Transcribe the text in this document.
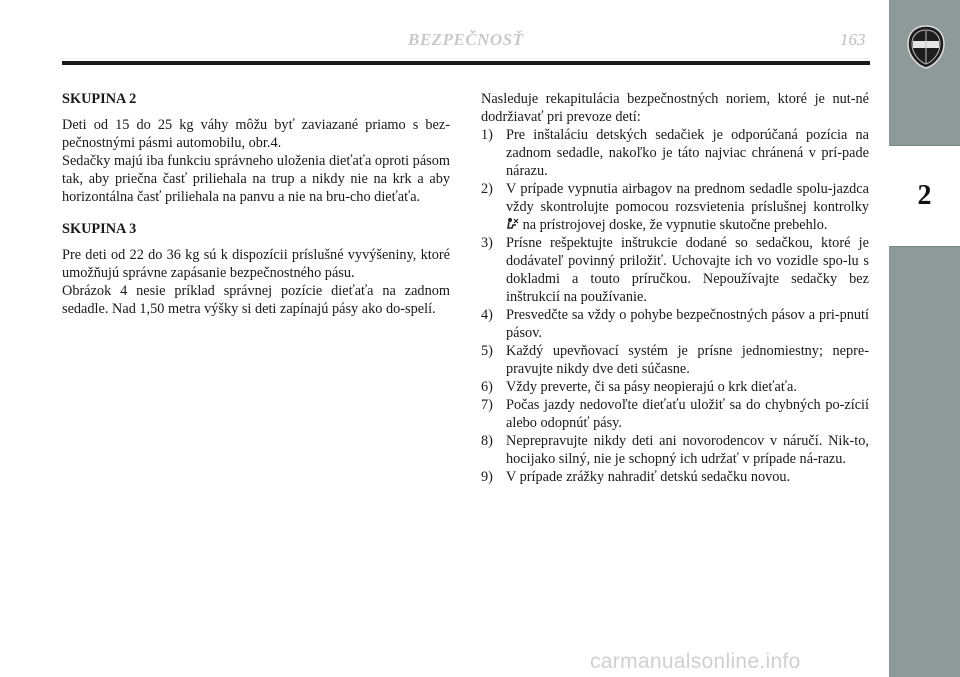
BEZPEČNOSŤ	163
2

SKUPINA 2

Deti od 15 do 25 kg váhy môžu byť zaviazané priamo s bez-pečnostnými pásmi automobilu, obr.4.

Sedačky majú iba funkciu správneho uloženia dieťaťa oproti pásom tak, aby priečna časť priliehala na trup a nikdy nie na krk a aby horizontálna časť priliehala na panvu a nie na bru-cho dieťaťa.

SKUPINA 3

Pre deti od 22 do 36 kg sú k dispozícii príslušné vyvýšeniny, ktoré umožňujú správne zapásanie bezpečnostného pásu.

Obrázok 4 nesie príklad správnej pozície dieťaťa na zadnom sedadle. Nad 1,50 metra výšky si deti zapínajú pásy ako do-spelí.

Nasleduje rekapitulácia bezpečnostných noriem, ktoré je nut-né dodržiavať pri prevoze detí:

1) Pre inštaláciu detských sedačiek je odporúčaná pozícia na zadnom sedadle, nakoľko je táto najviac chránená v prí-pade nárazu.
2) V prípade vypnutia airbagov na prednom sedadle spolu-jazdca vždy skontrolujte pomocou rozsvietenia príslušnej kontrolky  na prístrojovej doske, že vypnutie skutočne prebehlo.
3) Prísne rešpektujte inštrukcie dodané so sedačkou, ktoré je dodávateľ povinný priložiť. Uchovajte ich vo vozidle spo-lu s dokladmi a touto príručkou. Nepoužívajte sedačky bez inštrukcií na používanie.
4) Presvedčte sa vždy o pohybe bezpečnostných pásov a pri-pnutí pásov.
5) Každý upevňovací systém je prísne jednomiestny; nepre-pravujte nikdy dve deti súčasne.
6) Vždy preverte, či sa pásy neopierajú o krk dieťaťa.
7) Počas jazdy nedovoľte dieťaťu uložiť sa do chybných po-zícií alebo odopnúť pásy.
8) Neprepravujte nikdy deti ani novorodencov v náručí. Nik-to, hocijako silný, nie je schopný ich udržať v prípade ná-razu.
9) V prípade zrážky nahradiť detskú sedačku novou.
carmanualsonline.info
